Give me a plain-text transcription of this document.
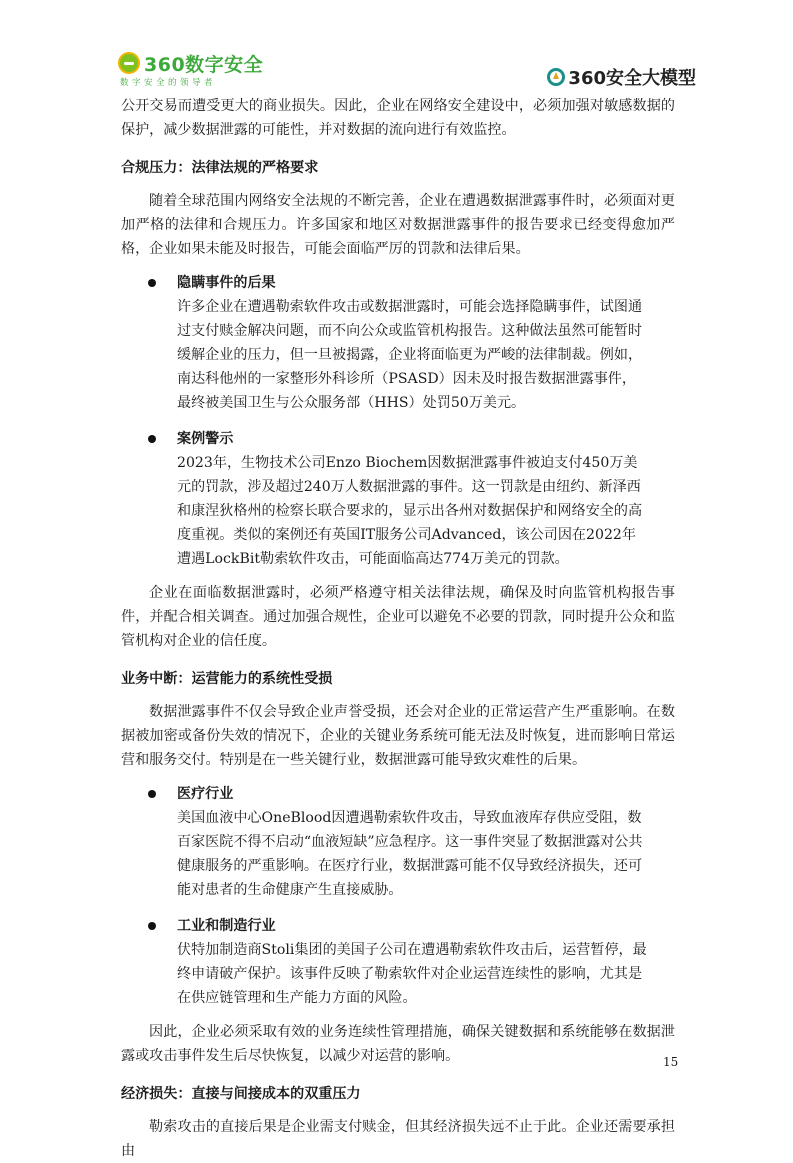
360数字安全
数字安全的领导者	360安全大模型

公开交易而遭受更大的商业损失。因此，企业在网络安全建设中，必须加强对敏感数据的保护，减少数据泄露的可能性，并对数据的流向进行有效监控。

合规压力：法律法规的严格要求

随着全球范围内网络安全法规的不断完善，企业在遭遇数据泄露事件时，必须面对更加严格的法律和合规压力。许多国家和地区对数据泄露事件的报告要求已经变得愈加严格，企业如果未能及时报告，可能会面临严厉的罚款和法律后果。

隐瞒事件的后果

许多企业在遭遇勒索软件攻击或数据泄露时，可能会选择隐瞒事件，试图通过支付赎金解决问题，而不向公众或监管机构报告。这种做法虽然可能暂时缓解企业的压力，但一旦被揭露，企业将面临更为严峻的法律制裁。例如，南达科他州的一家整形外科诊所（PSASD）因未及时报告数据泄露事件，最终被美国卫生与公众服务部（HHS）处罚50万美元。

案例警示

2023年，生物技术公司Enzo Biochem因数据泄露事件被迫支付450万美元的罚款，涉及超过240万人数据泄露的事件。这一罚款是由纽约、新泽西和康涅狄格州的检察长联合要求的，显示出各州对数据保护和网络安全的高度重视。类似的案例还有英国IT服务公司Advanced，该公司因在2022年遭遇LockBit勒索软件攻击，可能面临高达774万美元的罚款。

企业在面临数据泄露时，必须严格遵守相关法律法规，确保及时向监管机构报告事件，并配合相关调查。通过加强合规性，企业可以避免不必要的罚款，同时提升公众和监管机构对企业的信任度。

业务中断：运营能力的系统性受损

数据泄露事件不仅会导致企业声誉受损，还会对企业的正常运营产生严重影响。在数据被加密或备份失效的情况下，企业的关键业务系统可能无法及时恢复，进而影响日常运营和服务交付。特别是在一些关键行业，数据泄露可能导致灾难性的后果。

医疗行业

美国血液中心OneBlood因遭遇勒索软件攻击，导致血液库存供应受阻，数百家医院不得不启动“血液短缺”应急程序。这一事件突显了数据泄露对公共健康服务的严重影响。在医疗行业，数据泄露可能不仅导致经济损失，还可能对患者的生命健康产生直接威胁。

工业和制造行业

伏特加制造商Stoli集团的美国子公司在遭遇勒索软件攻击后，运营暂停，最终申请破产保护。该事件反映了勒索软件对企业运营连续性的影响，尤其是在供应链管理和生产能力方面的风险。

因此，企业必须采取有效的业务连续性管理措施，确保关键数据和系统能够在数据泄露或攻击事件发生后尽快恢复，以减少对运营的影响。

经济损失：直接与间接成本的双重压力

勒索攻击的直接后果是企业需支付赎金，但其经济损失远不止于此。企业还需要承担由

15
